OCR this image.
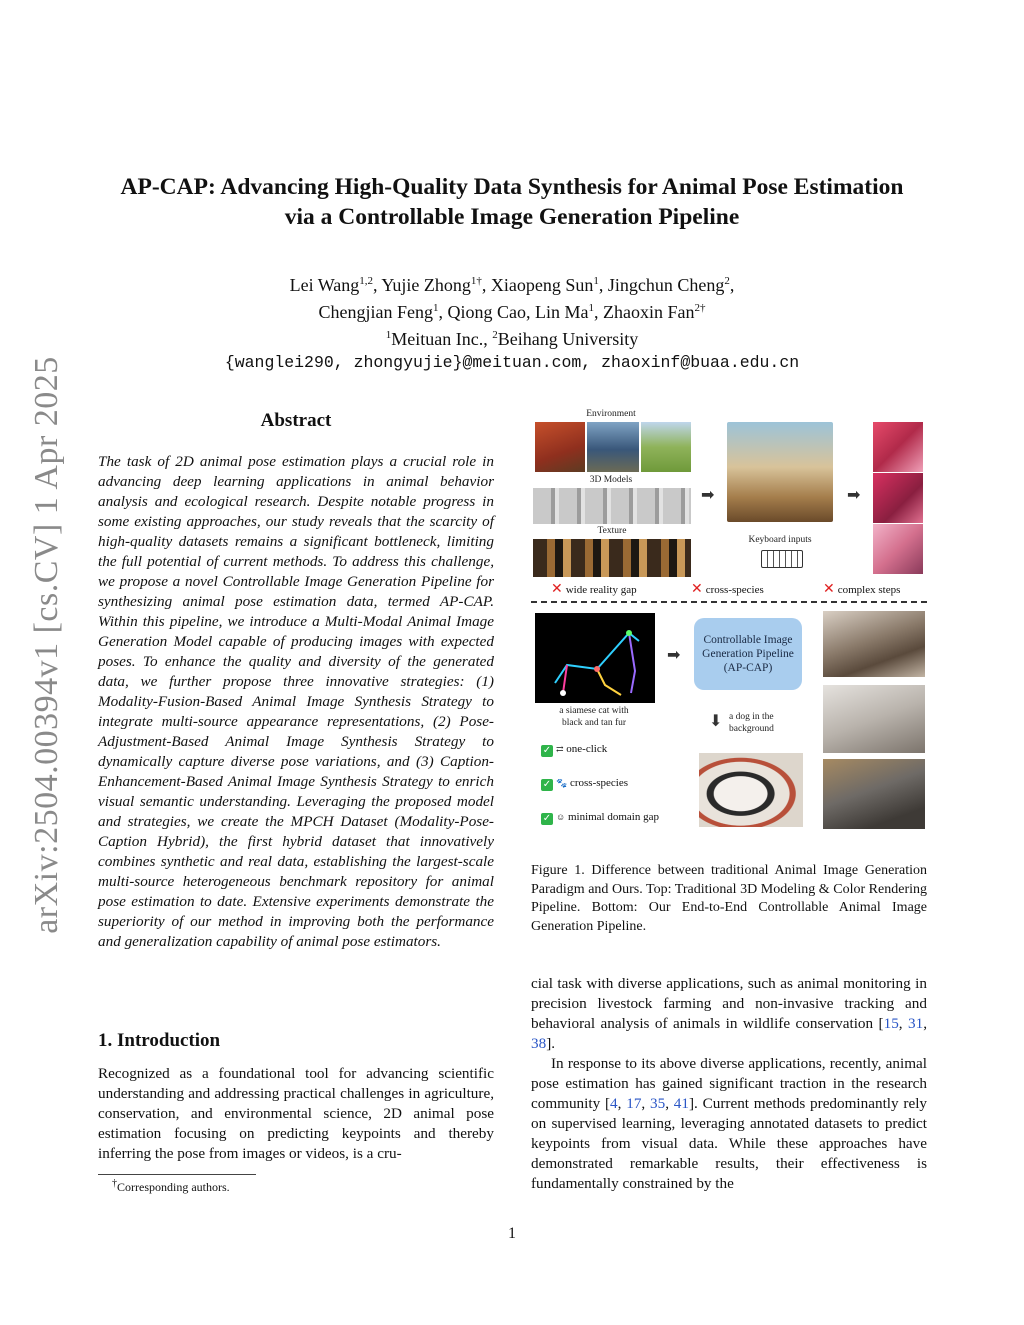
arXiv:2504.00394v1 [cs.CV] 1 Apr 2025
AP-CAP: Advancing High-Quality Data Synthesis for Animal Pose Estimation
via a Controllable Image Generation Pipeline
Lei Wang$^{1,2}$, Yujie Zhong$^{1\dagger}$, Xiaopeng Sun$^1$, Jingchun Cheng$^2$,
Chengjian Feng$^1$, Qiong Cao, Lin Ma$^1$, Zhaoxin Fan$^{2\dagger}$
$^1$Meituan Inc., $^2$Beihang University
{wanglei290, zhongyujie}@meituan.com, zhaoxinf@buaa.edu.cn
Abstract

The task of 2D animal pose estimation plays a crucial role in advancing deep learning applications in animal behavior analysis and ecological research. Despite notable progress in some existing approaches, our study reveals that the scarcity of high-quality datasets remains a significant bottleneck, limiting the full potential of current methods. To address this challenge, we propose a novel Controllable Image Generation Pipeline for synthesizing animal pose estimation data, termed AP-CAP. Within this pipeline, we introduce a Multi-Modal Animal Image Generation Model capable of producing images with expected poses. To enhance the quality and diversity of the generated data, we further propose three innovative strategies: (1) Modality-Fusion-Based Animal Image Synthesis Strategy to integrate multi-source appearance representations, (2) Pose-Adjustment-Based Animal Image Synthesis Strategy to dynamically capture diverse pose variations, and (3) Caption-Enhancement-Based Animal Image Synthesis Strategy to enrich visual semantic understanding. Leveraging the proposed model and strategies, we create the MPCH Dataset (Modality-Pose-Caption Hybrid), the first hybrid dataset that innovatively combines synthetic and real data, establishing the largest-scale multi-source heterogeneous benchmark repository for animal pose estimation to date. Extensive experiments demonstrate the superiority of our method in improving both the performance and generalization capability of animal pose estimators.

1. Introduction

Recognized as a foundational tool for advancing scientific understanding and addressing practical challenges in agriculture, conservation, and environmental science, 2D animal pose estimation focusing on predicting keypoints and thereby inferring the pose from images or videos, is a cru-

†Corresponding authors.
Environment
3D Models
Texture
➡
Keyboard inputs
➡
✕ wide reality gap	✕ cross-species	✕ complex steps
a siamese cat with
black and tan fur
➡
Controllable Image
Generation Pipeline
(AP-CAP)
⬇ a dog in the
background
✓ ⇄ one-click
✓ 🐾 cross-species
✓ ☺ minimal domain gap

Figure 1. Difference between traditional Animal Image Generation Paradigm and Ours. Top: Traditional 3D Modeling & Color Rendering Pipeline. Bottom: Our End-to-End Controllable Animal Image Generation Pipeline.

cial task with diverse applications, such as animal monitoring in precision livestock farming and non-invasive tracking and behavioral analysis of animals in wildlife conservation [15, 31, 38].

In response to its above diverse applications, recently, animal pose estimation has gained significant traction in the research community [4, 17, 35, 41]. Current methods predominantly rely on supervised learning, leveraging annotated datasets to predict keypoints from visual data. While these approaches have demonstrated remarkable results, their effectiveness is fundamentally constrained by the

1
